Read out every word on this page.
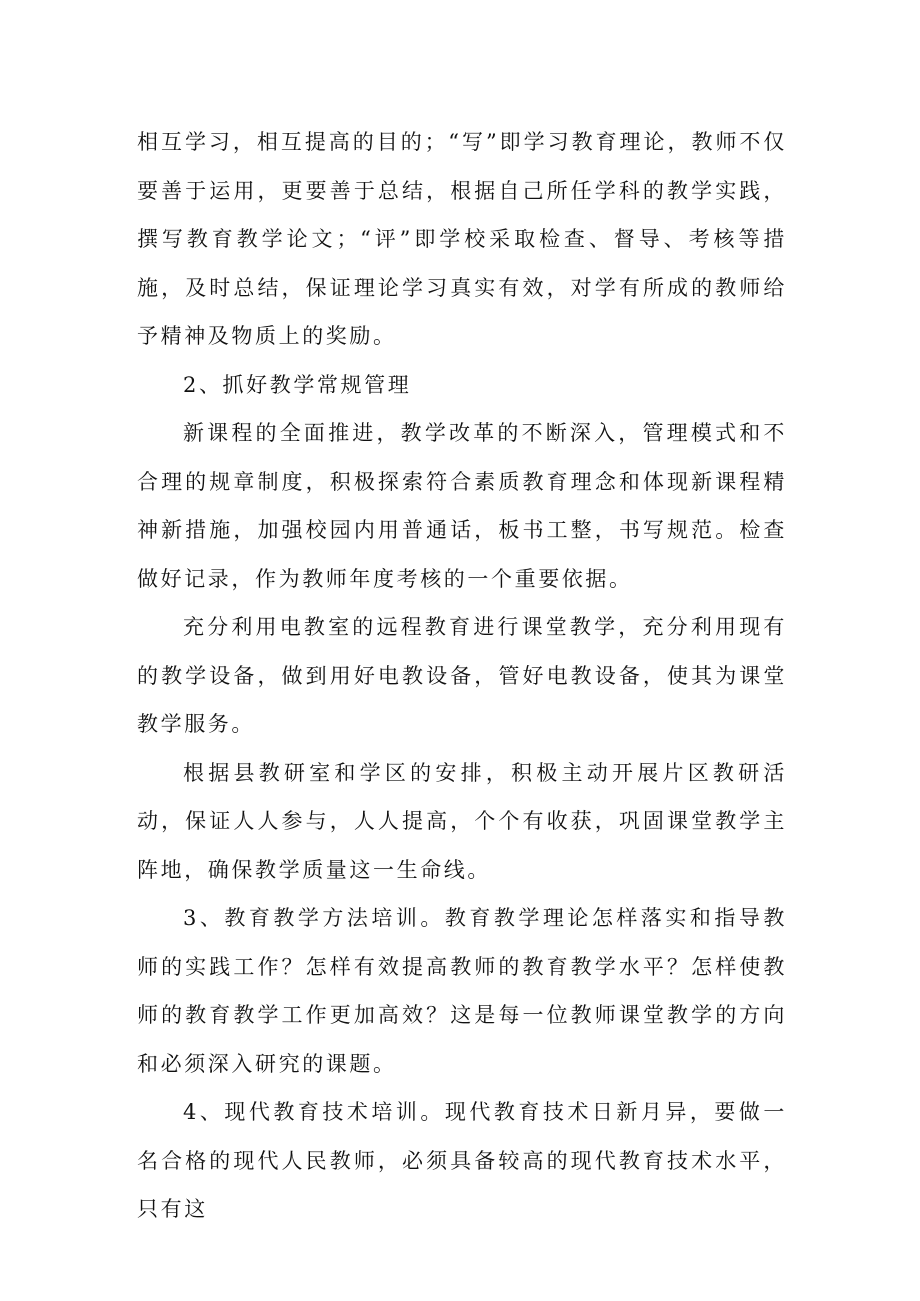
相互学习，相互提高的目的；“写”即学习教育理论，教师不仅要善于运用，更要善于总结，根据自己所任学科的教学实践，撰写教育教学论文；“评”即学校采取检查、督导、考核等措施，及时总结，保证理论学习真实有效，对学有所成的教师给予精神及物质上的奖励。

2、抓好教学常规管理

新课程的全面推进，教学改革的不断深入，管理模式和不合理的规章制度，积极探索符合素质教育理念和体现新课程精神新措施，加强校园内用普通话，板书工整，书写规范。检查做好记录，作为教师年度考核的一个重要依据。

充分利用电教室的远程教育进行课堂教学，充分利用现有的教学设备，做到用好电教设备，管好电教设备，使其为课堂教学服务。

根据县教研室和学区的安排，积极主动开展片区教研活动，保证人人参与，人人提高，个个有收获，巩固课堂教学主阵地，确保教学质量这一生命线。

3、教育教学方法培训。教育教学理论怎样落实和指导教师的实践工作？怎样有效提高教师的教育教学水平？怎样使教师的教育教学工作更加高效？这是每一位教师课堂教学的方向和必须深入研究的课题。

4、现代教育技术培训。现代教育技术日新月异，要做一名合格的现代人民教师，必须具备较高的现代教育技术水平，只有这
